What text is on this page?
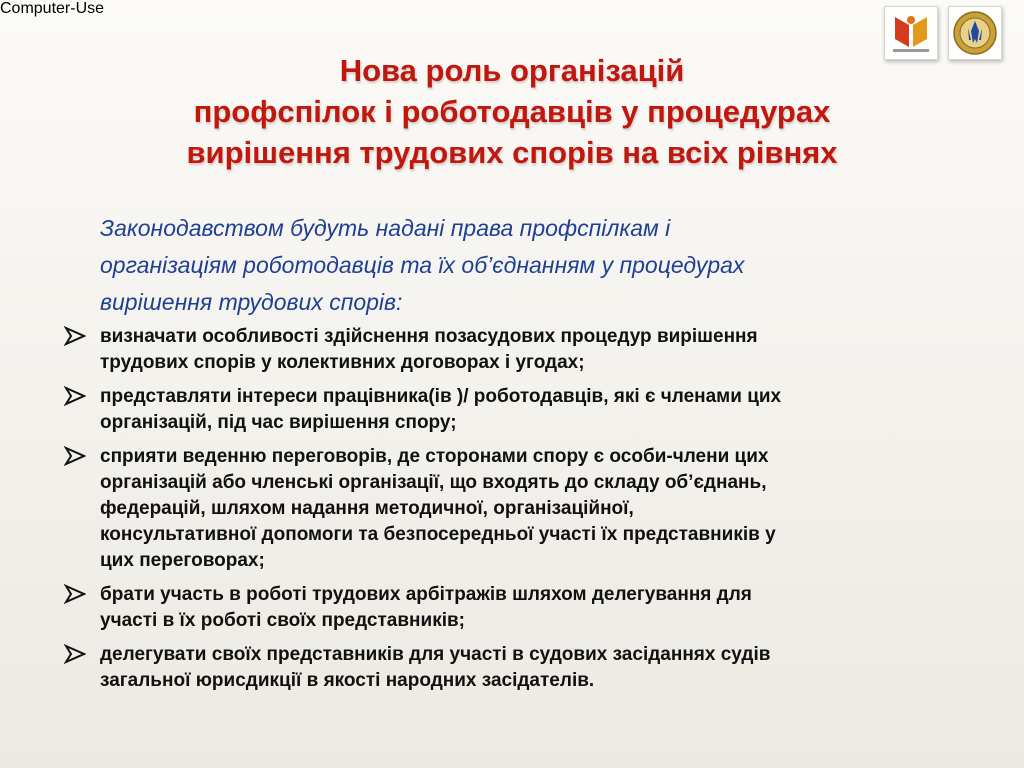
Computer-Use
Нова роль організацій
профспілок і роботодавців у процедурах
вирішення трудових спорів на всіх рівнях
Законодавством будуть надані права профспілкам і
організаціям роботодавців та їх об’єднанням у процедурах
вирішення трудових спорів:
визначати особливості здійснення позасудових процедур вирішення
трудових спорів у колективних договорах і угодах;
представляти інтереси працівника(ів )/ роботодавців, які є членами цих
організацій, під час вирішення спору;
сприяти веденню переговорів, де сторонами спору є особи-члени цих
організацій або членські організації, що входять до складу об’єднань,
федерацій, шляхом надання методичної, організаційної,
консультативної допомоги та безпосередньої участі їх представників у
цих переговорах;
брати участь в роботі трудових арбітражів шляхом делегування для
участі в їх роботі своїх представників;
делегувати своїх представників для участі в судових засіданнях судів
загальної юрисдикції в якості народних засідателів.
